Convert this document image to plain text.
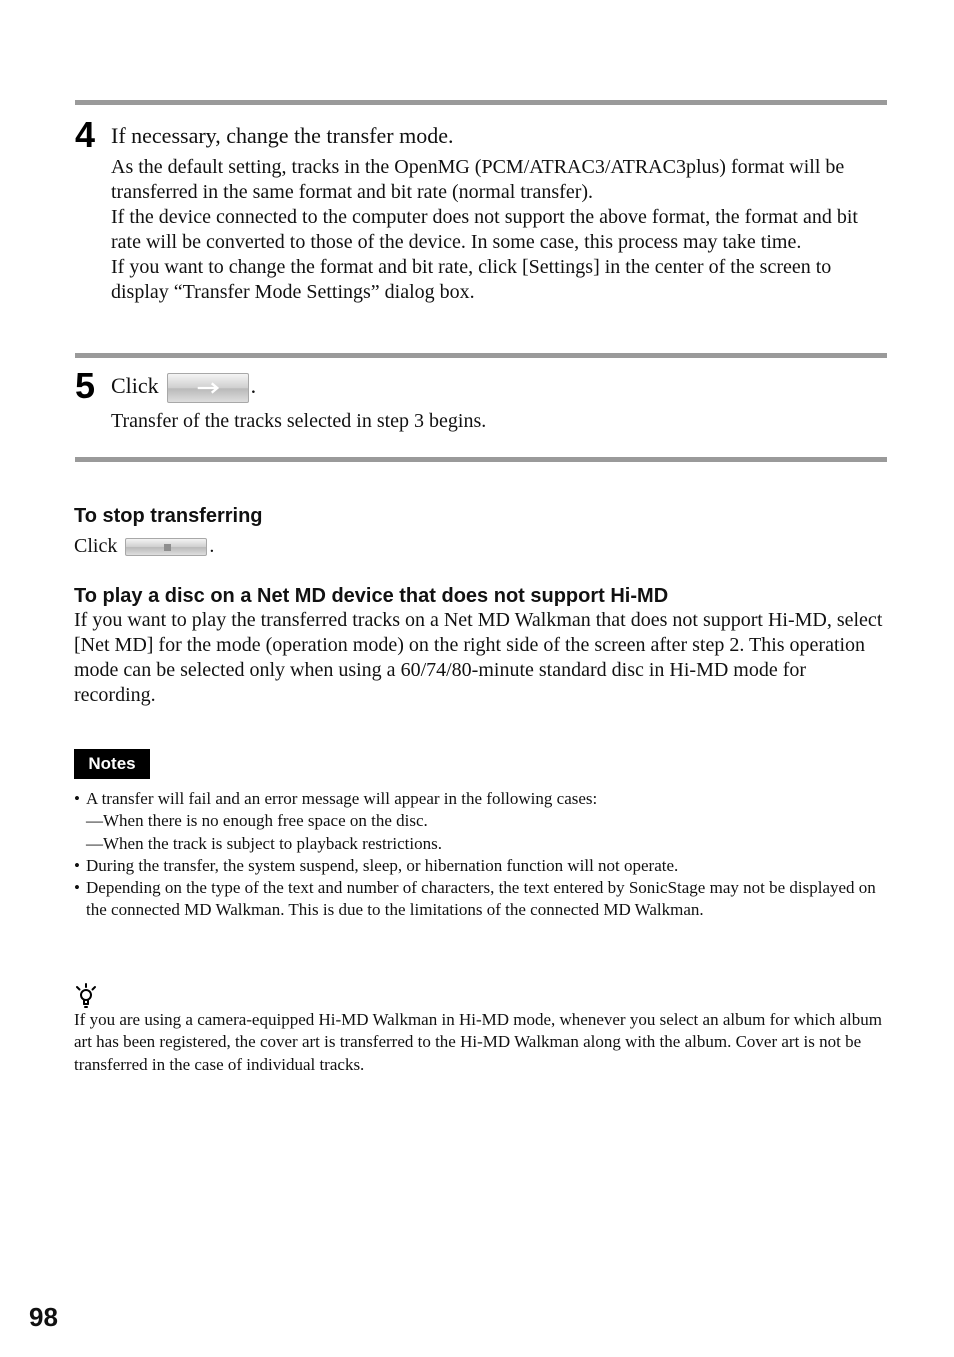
4 If necessary, change the transfer mode.

As the default setting, tracks in the OpenMG (PCM/ATRAC3/ATRAC3plus) format will be transferred in the same format and bit rate (normal transfer).

If the device connected to the computer does not support the above format, the format and bit rate will be converted to those of the device. In some case, this process may take time.

If you want to change the format and bit rate, click [Settings] in the center of the screen to display “Transfer Mode Settings” dialog box.

5 Click	.
Transfer of the tracks selected in step 3 begins.
To stop transferring
Click	.
To play a disc on a Net MD device that does not support Hi-MD

If you want to play the transferred tracks on a Net MD Walkman that does not support Hi-MD, select [Net MD] for the mode (operation mode) on the right side of the screen after step 2. This operation mode can be selected only when using a 60/74/80-minute standard disc in Hi-MD mode for recording.

Notes
• A transfer will fail and an error message will appear in the following cases:
—When there is no enough free space on the disc.
—When the track is subject to playback restrictions.
• During the transfer, the system suspend, sleep, or hibernation function will not operate.
• Depending on the type of the text and number of characters, the text entered by SonicStage may not be displayed on the connected MD Walkman. This is due to the limitations of the connected MD Walkman.
If you are using a camera-equipped Hi-MD Walkman in Hi-MD mode, whenever you select an album for which album art has been registered, the cover art is transferred to the Hi-MD Walkman along with the album. Cover art is not be transferred in the case of individual tracks.
98
